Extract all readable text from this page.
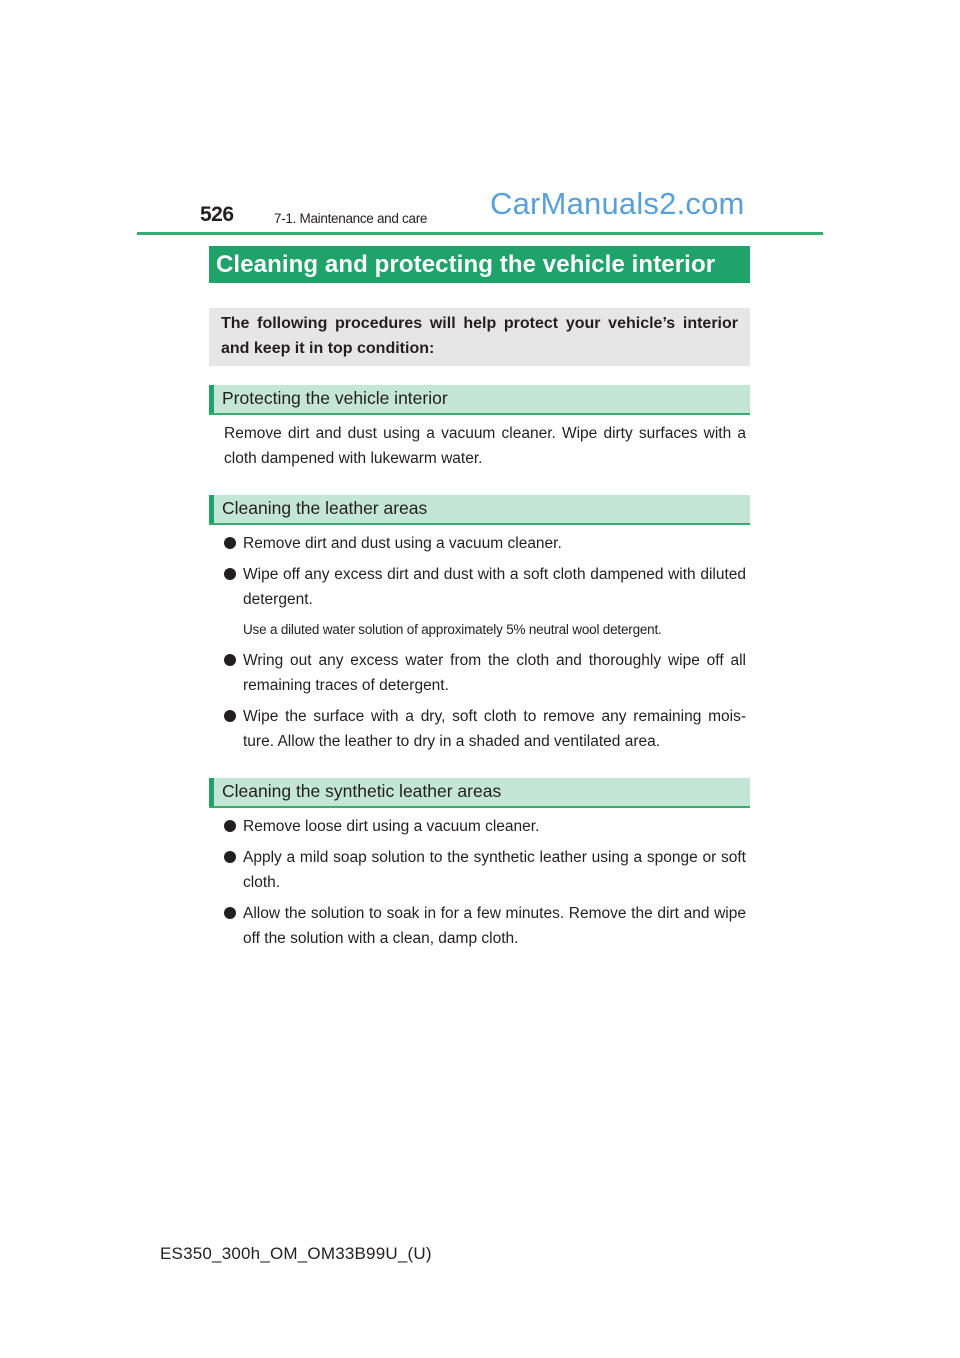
526	7-1. Maintenance and care CarManuals2.com
Cleaning and protecting the vehicle interior
The following procedures will help protect your vehicle’s interior and keep it in top condition:
Protecting the vehicle interior
Remove dirt and dust using a vacuum cleaner. Wipe dirty surfaces with a cloth dampened with lukewarm water.
Cleaning the leather areas
Remove dirt and dust using a vacuum cleaner.
Wipe off any excess dirt and dust with a soft cloth dampened with diluted detergent.
Use a diluted water solution of approximately 5% neutral wool detergent.
Wring out any excess water from the cloth and thoroughly wipe off all remaining traces of detergent.
Wipe the surface with a dry, soft cloth to remove any remaining mois-ture. Allow the leather to dry in a shaded and ventilated area.
Cleaning the synthetic leather areas
Remove loose dirt using a vacuum cleaner.
Apply a mild soap solution to the synthetic leather using a sponge or soft cloth.
Allow the solution to soak in for a few minutes. Remove the dirt and wipe off the solution with a clean, damp cloth.
ES350_300h_OM_OM33B99U_(U)
